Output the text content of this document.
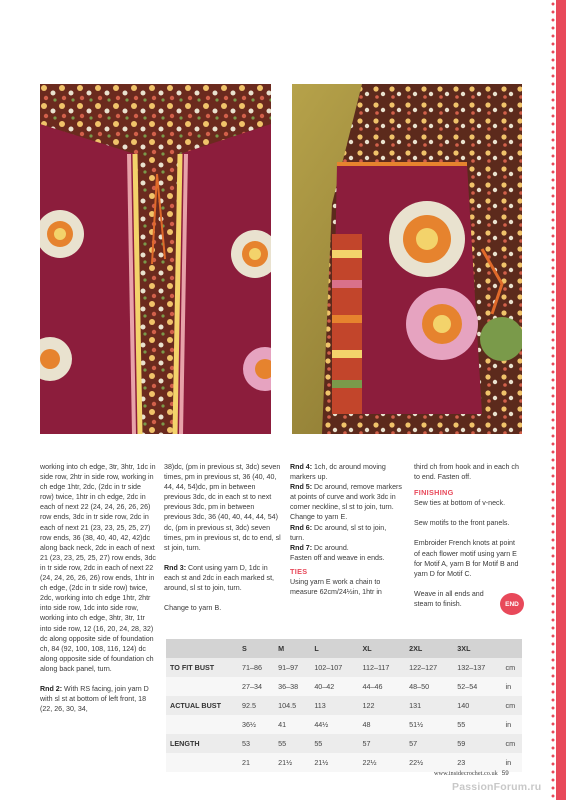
working into ch edge, 3tr, 3htr, 1dc in side row, 2htr in side row, working in ch edge 1htr, 2dc, (2dc in tr side row) twice, 1htr in ch edge, 2dc in each of next 22 (24, 24, 26, 26, 26) row ends, 3dc in tr side row, 2dc in each of next 21 (23, 23, 25, 25, 27) row ends, 36 (38, 40, 40, 42, 42)dc along back neck, 2dc in each of next 21 (23, 23, 25, 25, 27) row ends, 3dc in tr side row, 2dc in each of next 22 (24, 24, 26, 26, 26) row ends, 1htr in ch edge, (2dc in tr side row) twice, 2dc, working into ch edge 1htr, 2htr into side row, 1dc into side row, working into ch edge, 3htr, 3tr, 1tr into side row, 12 (16, 20, 24, 28, 32) dc along opposite side of foundation ch, 84 (92, 100, 108, 116, 124) dc along opposite side of foundation ch along back panel, turn.

Rnd 2: With RS facing, join yarn D with sl st at bottom of left front, 18 (22, 26, 30, 34,

38)dc, (pm in previous st, 3dc) seven times, pm in previous st, 36 (40, 40, 44, 44, 54)dc, pm in between previous 3dc, dc in each st to next previous 3dc, pm in between previous 3dc, 36 (40, 40, 44, 44, 54) dc, (pm in previous st, 3dc) seven times, pm in previous st, dc to end, sl st join, turn.

Rnd 3: Cont using yarn D, 1dc in each st and 2dc in each marked st, around, sl st to join, turn.

Change to yarn B.

Rnd 4: 1ch, dc around moving markers up.
Rnd 5: Dc around, remove markers at points of curve and work 3dc in corner neckline, sl st to join, turn.
Change to yarn E.
Rnd 6: Dc around, sl st to join, turn.
Rnd 7: Dc around.
Fasten off and weave in ends.
TIES
Using yarn E work a chain to measure 62cm/24½in, 1htr in

third ch from hook and in each ch to end. Fasten off.

FINISHING

Sew ties at bottom of v-neck.

Sew motifs to the front panels.

Embroider French knots at point of each flower motif using yarn E for Motif A, yarn B for Motif B and yarn D for Motif C.

Weave in all ends and steam to finish.	END
	S	M	L	XL	2XL	3XL	
TO FIT BUST	71–86	91–97	102–107	112–117	122–127	132–137	cm
	27–34	36–38	40–42	44–46	48–50	52–54	in
ACTUAL BUST	92.5	104.5	113	122	131	140	cm
	36½	41	44½	48	51½	55	in
LENGTH	53	55	55	57	57	59	cm
	21	21½	21½	22½	22½	23	in
www.insidecrochet.co.uk 59
PassionForum.ru
